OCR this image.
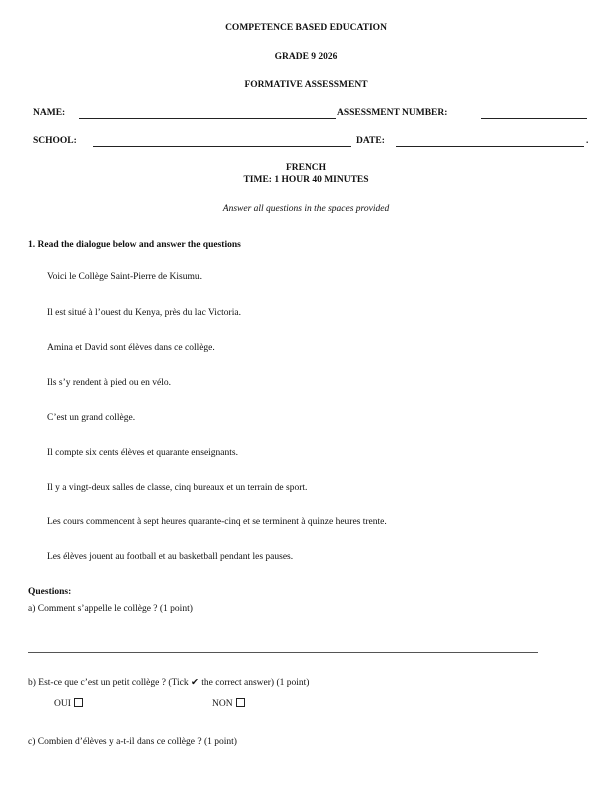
COMPETENCE BASED EDUCATION
GRADE 9 2026
FORMATIVE ASSESSMENT
NAME:	ASSESSMENT NUMBER:
SCHOOL:	DATE:	.
FRENCH
TIME: 1 HOUR 40 MINUTES
Answer all questions in the spaces provided
1. Read the dialogue below and answer the questions
Voici le Collège Saint-Pierre de Kisumu.
Il est situé à l’ouest du Kenya, près du lac Victoria.
Amina et David sont élèves dans ce collège.
Ils s’y rendent à pied ou en vélo.
C’est un grand collège.
Il compte six cents élèves et quarante enseignants.
Il y a vingt-deux salles de classe, cinq bureaux et un terrain de sport.
Les cours commencent à sept heures quarante-cinq et se terminent à quinze heures trente.
Les élèves jouent au football et au basketball pendant les pauses.
Questions:
a) Comment s’appelle le collège ? (1 point)
b) Est-ce que c’est un petit collège ? (Tick ✔ the correct answer) (1 point)
OUI	NON
c) Combien d’élèves y a-t-il dans ce collège ? (1 point)
